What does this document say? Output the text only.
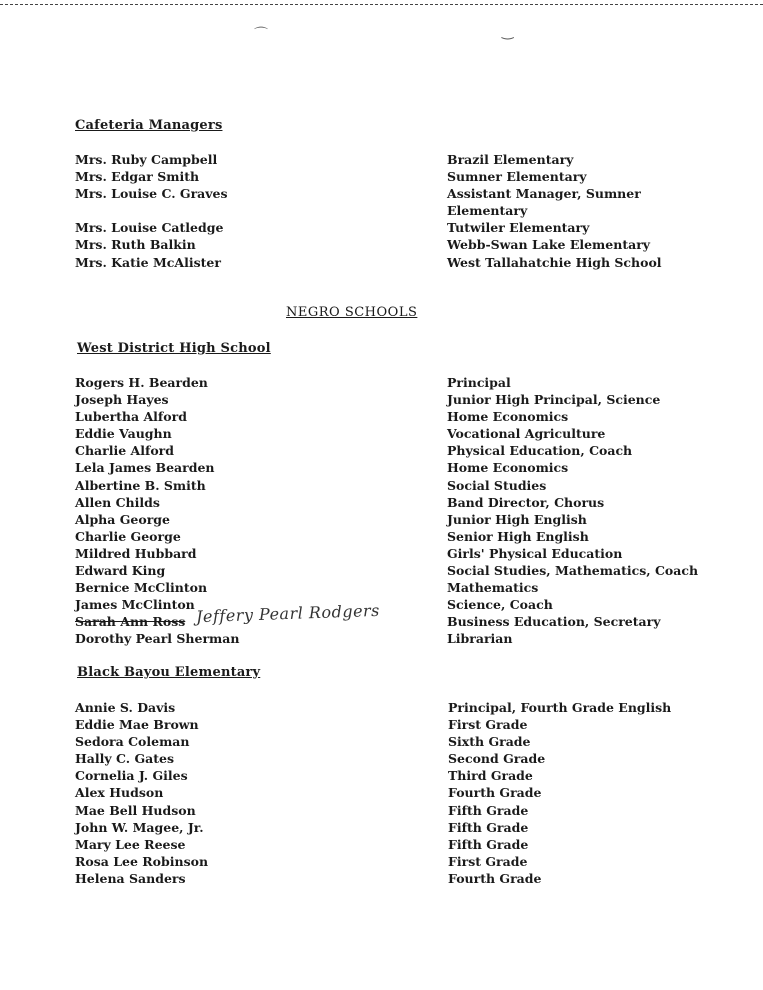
⌒	‿
Cafeteria Managers
Mrs. Ruby Campbell
Mrs. Edgar Smith
Mrs. Louise C. Graves
Mrs. Louise Catledge
Mrs. Ruth Balkin
Mrs. Katie McAlister
Brazil Elementary
Sumner Elementary
Assistant Manager, Sumner
Elementary
Tutwiler Elementary
Webb-Swan Lake Elementary
West Tallahatchie High School
NEGRO SCHOOLS
West District High School
Rogers H. Bearden
Joseph Hayes
Luberthа Alford
Eddie Vaughn
Charlie Alford
Lela James Bearden
Albertine B. Smith
Allen Childs
Alpha George
Charlie George
Mildred Hubbard
Edward King
Bernice McClinton
James McClinton
Sarah Ann Ross
Dorothy Pearl Sherman
Jeffery Pearl Rodgers
Principal
Junior High Principal, Science
Home Economics
Vocational Agriculture
Physical Education, Coach
Home Economics
Social Studies
Band Director, Chorus
Junior High English
Senior High English
Girls' Physical Education
Social Studies, Mathematics, Coach
Mathematics
Science, Coach
Business Education, Secretary
Librarian
Black Bayou Elementary
Annie S. Davis
Eddie Mae Brown
Sedora Coleman
Hally C. Gates
Cornelia J. Giles
Alex Hudson
Mae Bell Hudson
John W. Magee, Jr.
Mary Lee Reese
Rosa Lee Robinson
Helena Sanders
Principal, Fourth Grade English
First Grade
Sixth Grade
Second Grade
Third Grade
Fourth Grade
Fifth Grade
Fifth Grade
Fifth Grade
First Grade
Fourth Grade
